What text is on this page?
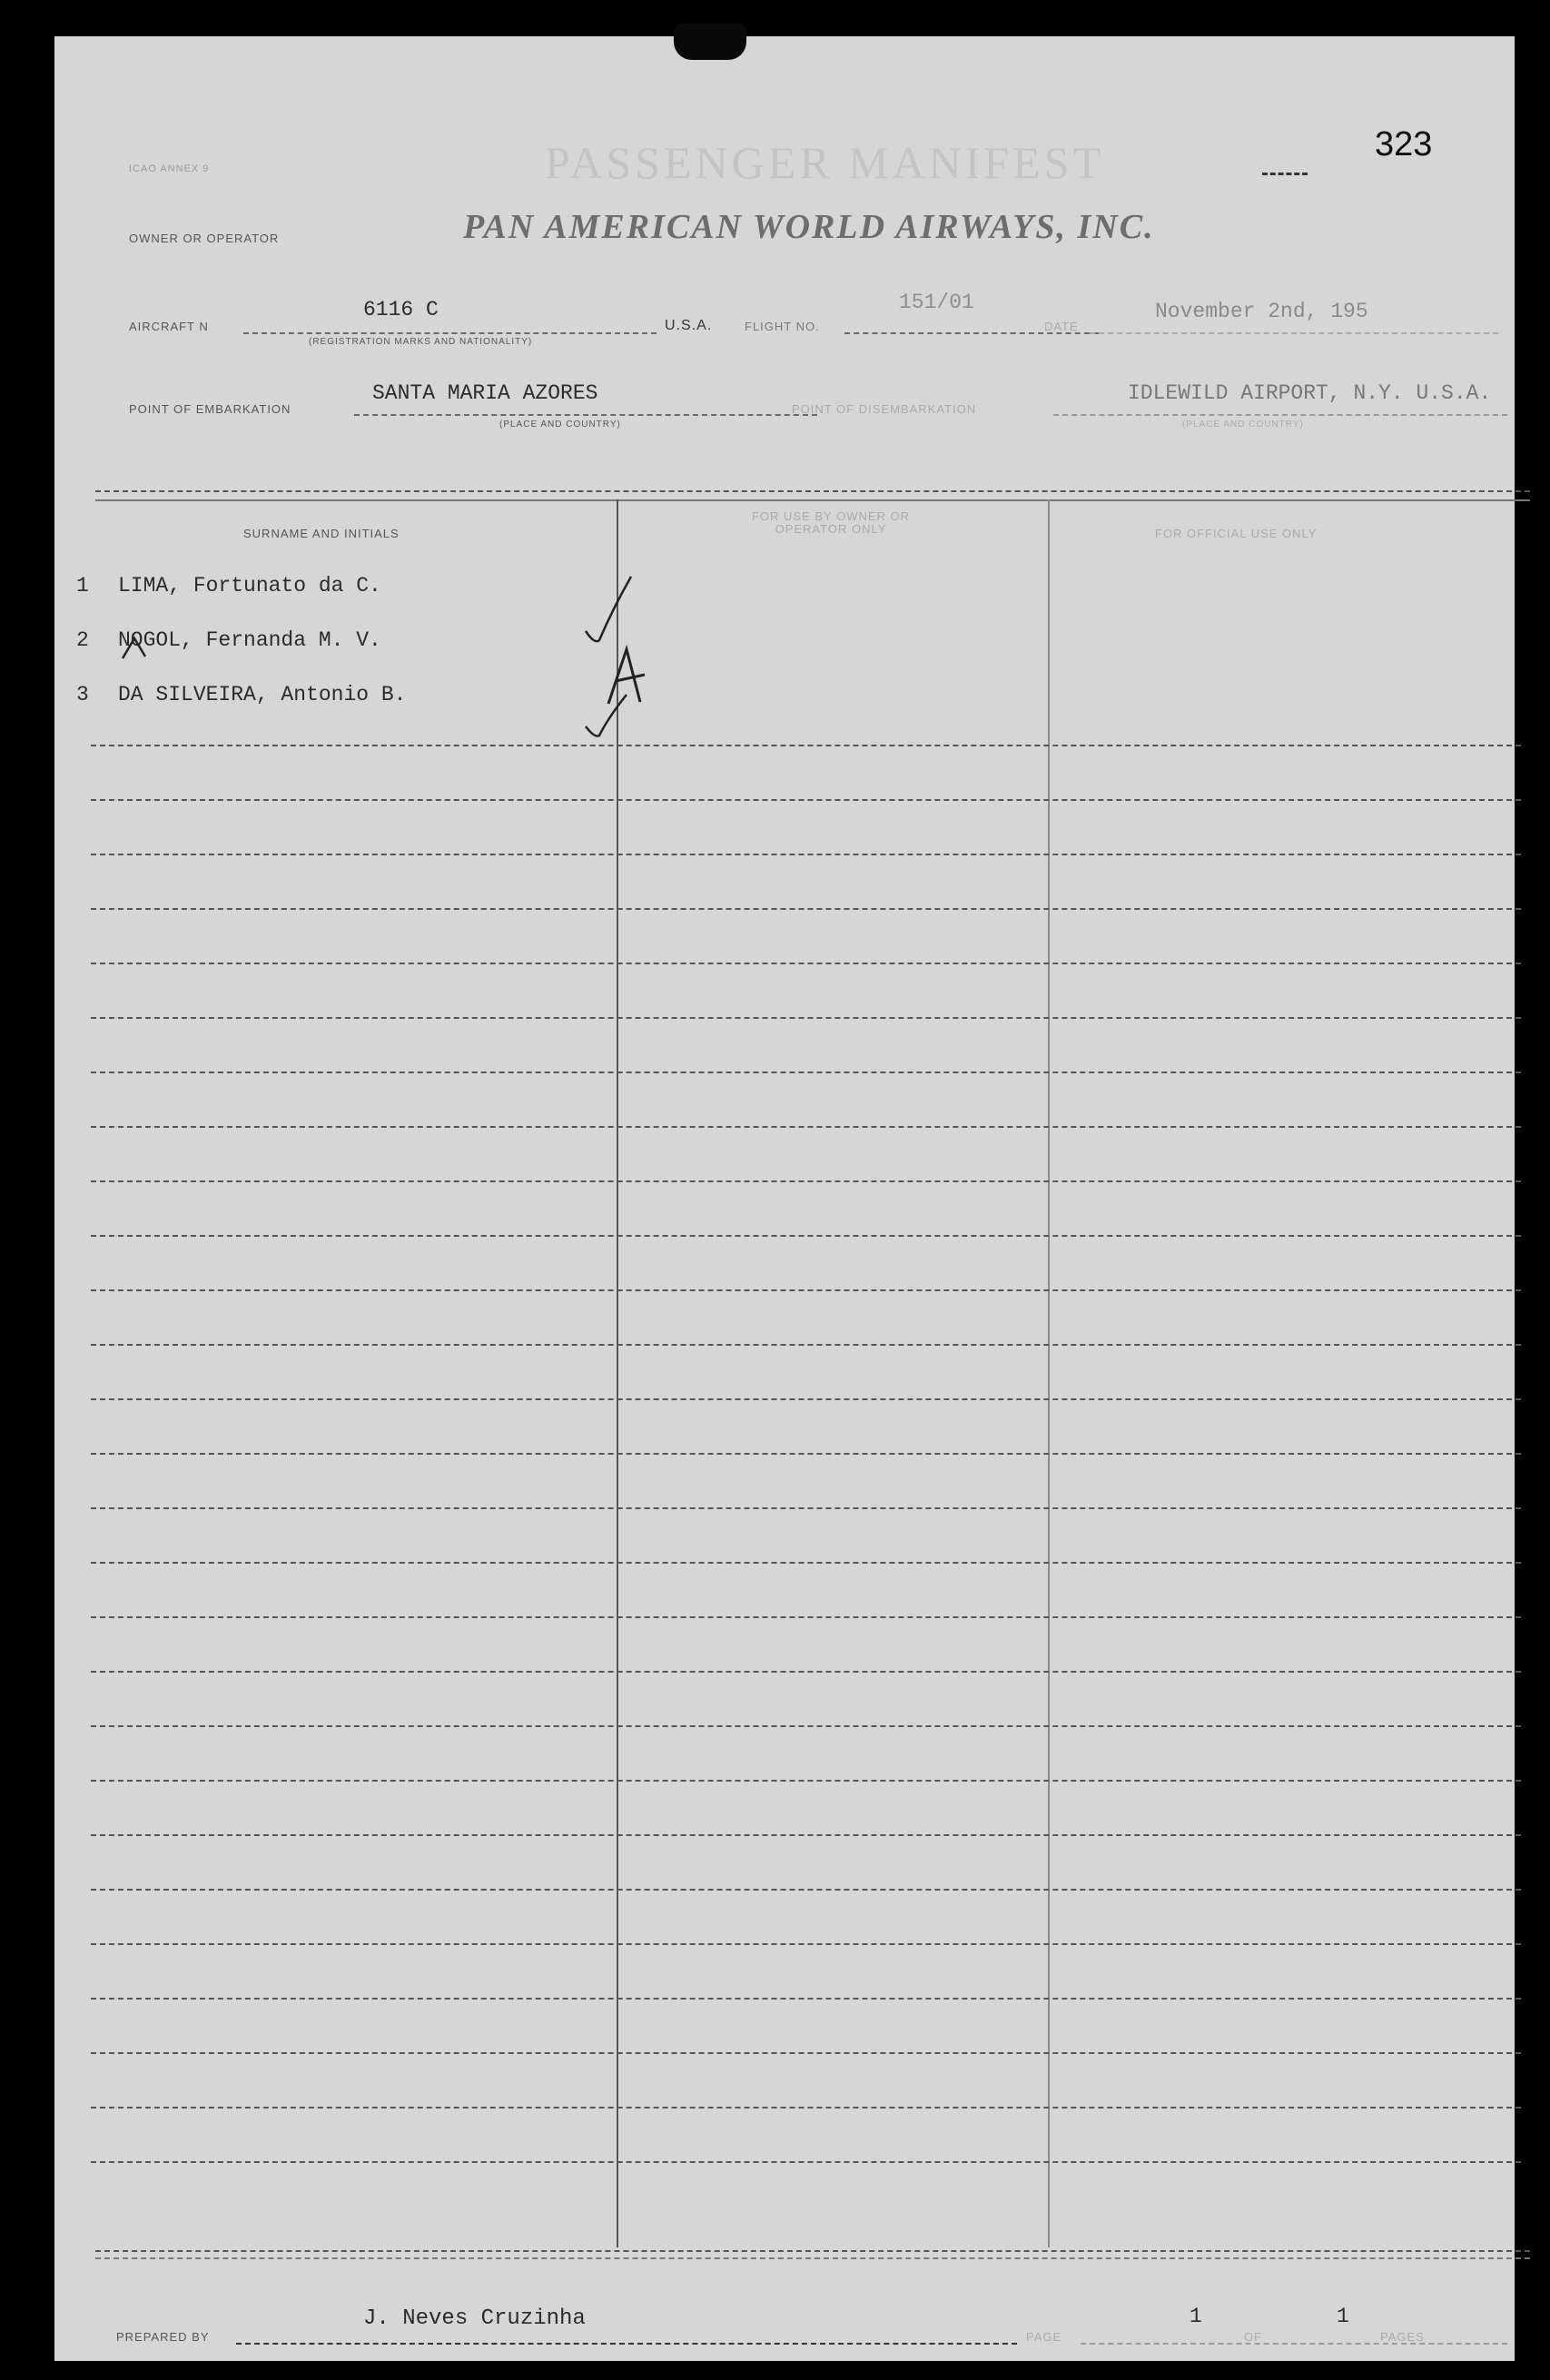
323
ICAO ANNEX 9	PASSENGER MANIFEST
OWNER OR OPERATOR	PAN AMERICAN WORLD AIRWAYS, INC.
AIRCRAFT N
6116 C
(REGISTRATION MARKS AND NATIONALITY)
U.S.A.	FLIGHT NO.
151/01
DATE
November 2nd, 195
POINT OF EMBARKATION
SANTA MARIA AZORES
(PLACE AND COUNTRY)
POINT OF DISEMBARKATION
IDLEWILD AIRPORT, N.Y. U.S.A.
(PLACE AND COUNTRY)
SURNAME AND INITIALS
FOR USE BY OWNER OR OPERATOR ONLY	FOR OFFICIAL USE ONLY
1 LIMA, Fortunato da C.
2 NOGOL, Fernanda M. V.
3 DA SILVEIRA, Antonio B.
PREPARED BY
J. Neves Cruzinha
PAGE
1
OF
1
PAGES
